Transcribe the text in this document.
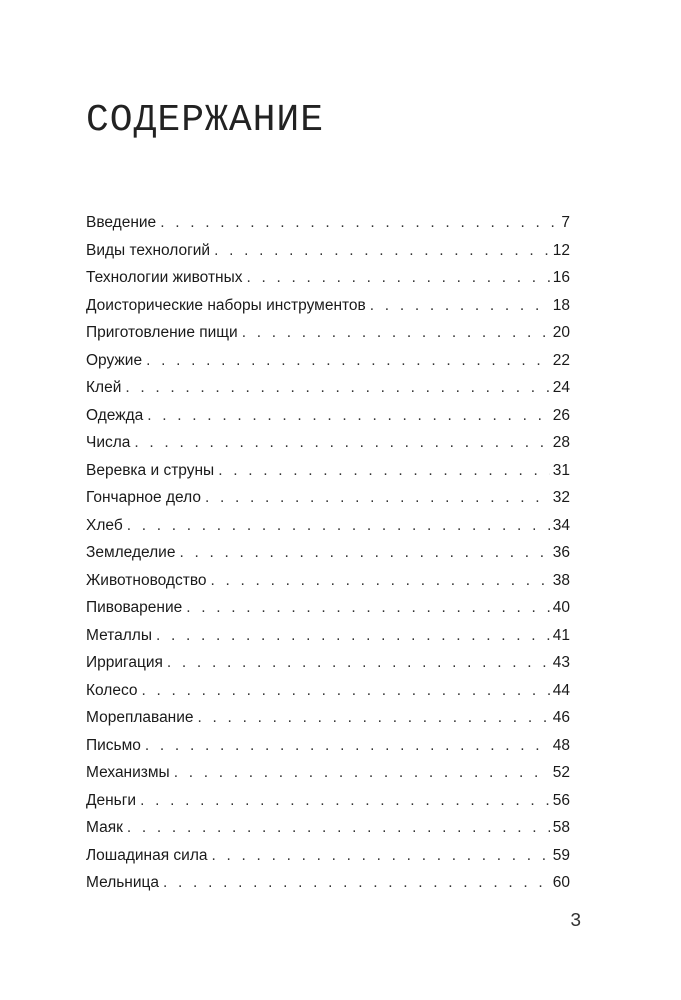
СОДЕРЖАНИЕ
Введение . . .	7
Виды технологий . . .	12
Технологии животных . . .	16
Доисторические наборы инструментов . . .	18
Приготовление пищи . . .	20
Оружие . . .	22
Клей . . .	24
Одежда . . .	26
Числа . . .	28
Веревка и струны . . .	31
Гончарное дело . . .	32
Хлеб . . .	34
Земледелие . . .	36
Животноводство . . .	38
Пивоварение . . .	40
Металлы . . .	41
Ирригация . . .	43
Колесо . . .	44
Мореплавание . . .	46
Письмо . . .	48
Механизмы . . .	52
Деньги . . .	56
Маяк . . .	58
Лошадиная сила . . .	59
Мельница . . .	60
3
